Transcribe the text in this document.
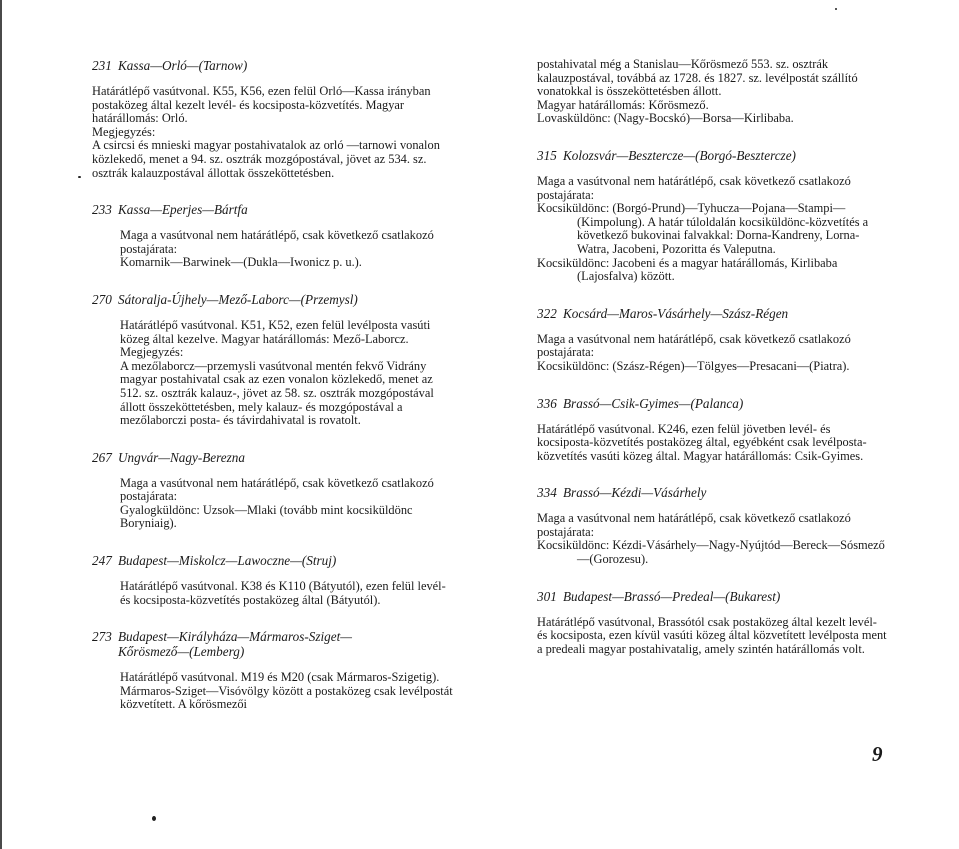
231 Kassa—Orló—(Tarnow)

Határátlépő vasútvonal. K55, K56, ezen felül Orló—Kassa irányban postaközeg által kezelt levél- és kocsiposta-közvetítés. Magyar határállomás: Orló.

Megjegyzés:

A csircsi és mnieski magyar postahivatalok az orló —tarnowi vonalon közlekedő, menet a 94. sz. osztrák mozgópostával, jövet az 534. sz. osztrák kalauzpostával állottak összeköttetésben.

233 Kassa—Eperjes—Bártfa

Maga a vasútvonal nem határátlépő, csak következő csatlakozó postajárata:

Komarnik—Barwinek—(Dukla—Iwonicz p. u.).

270 Sátoralja-Újhely—Mező-Laborc—(Przemysl)

Határátlépő vasútvonal. K51, K52, ezen felül levélposta vasúti közeg által kezelve. Magyar határállomás: Mező-Laborcz.

Megjegyzés:

A mezőlaborcz—przemysli vasútvonal mentén fekvő Vidrány magyar postahivatal csak az ezen vonalon közlekedő, menet az 512. sz. osztrák kalauz-, jövet az 58. sz. osztrák mozgópostával állott összeköttetésben, mely kalauz- és mozgópostával a mezőlaborczi posta- és távirdahivatal is rovatolt.

267 Ungvár—Nagy-Berezna

Maga a vasútvonal nem határátlépő, csak következő csatlakozó postajárata:

Gyalogküldönc: Uzsok—Mlaki (tovább mint kocsiküldönc Boryniaig).

247 Budapest—Miskolcz—Lawoczne—(Struj)

Határátlépő vasútvonal. K38 és K110 (Bátyutól), ezen felül levél- és kocsiposta-közvetítés postaközeg által (Bátyutól).

273 Budapest—Királyháza—Mármaros-Sziget—
Kőrösmező—(Lemberg)

Határátlépő vasútvonal. M19 és M20 (csak Mármaros-Szigetig). Mármaros-Sziget—Visóvölgy között a postaközeg csak levélpostát közvetített. A kőrösmezői

postahivatal még a Stanislau—Kőrösmező 553. sz. osztrák kalauzpostával, továbbá az 1728. és 1827. sz. levélpostát szállító vonatokkal is összeköttetésben állott.

Magyar határállomás: Kőrösmező.

Lovasküldönc: (Nagy-Bocskó)—Borsa—Kirlibaba.

315 Kolozsvár—Besztercze—(Borgó-Besztercze)

Maga a vasútvonal nem határátlépő, csak következő csatlakozó postajárata:

Kocsiküldönc: (Borgó-Prund)—Tyhucza—Pojana—Stampi—(Kimpolung). A határ túloldalán kocsiküldönc-közvetítés a következő bukovinai falvakkal: Dorna-Kandreny, Lorna-Watra, Jacobeni, Pozoritta és Valeputna.

Kocsiküldönc: Jacobeni és a magyar határállomás, Kirlibaba (Lajosfalva) között.

322 Kocsárd—Maros-Vásárhely—Szász-Régen

Maga a vasútvonal nem határátlépő, csak következő csatlakozó postajárata:

Kocsiküldönc: (Szász-Régen)—Tölgyes—Presacani—(Piatra).

336 Brassó—Csik-Gyimes—(Palanca)

Határátlépő vasútvonal. K246, ezen felül jövetben levél- és kocsiposta-közvetítés postaközeg által, egyébként csak levélposta-közvetítés vasúti közeg által. Magyar határállomás: Csik-Gyimes.

334 Brassó—Kézdi—Vásárhely

Maga a vasútvonal nem határátlépő, csak következő csatlakozó postajárata:

Kocsiküldönc: Kézdi-Vásárhely—Nagy-Nyújtód—Bereck—Sósmező—(Gorozesu).

301 Budapest—Brassó—Predeal—(Bukarest)

Határátlépő vasútvonal, Brassótól csak postaközeg által kezelt levél- és kocsiposta, ezen kívül vasúti közeg által közvetített levélposta ment a predeali magyar postahivatalig, amely szintén határállomás volt.

9
